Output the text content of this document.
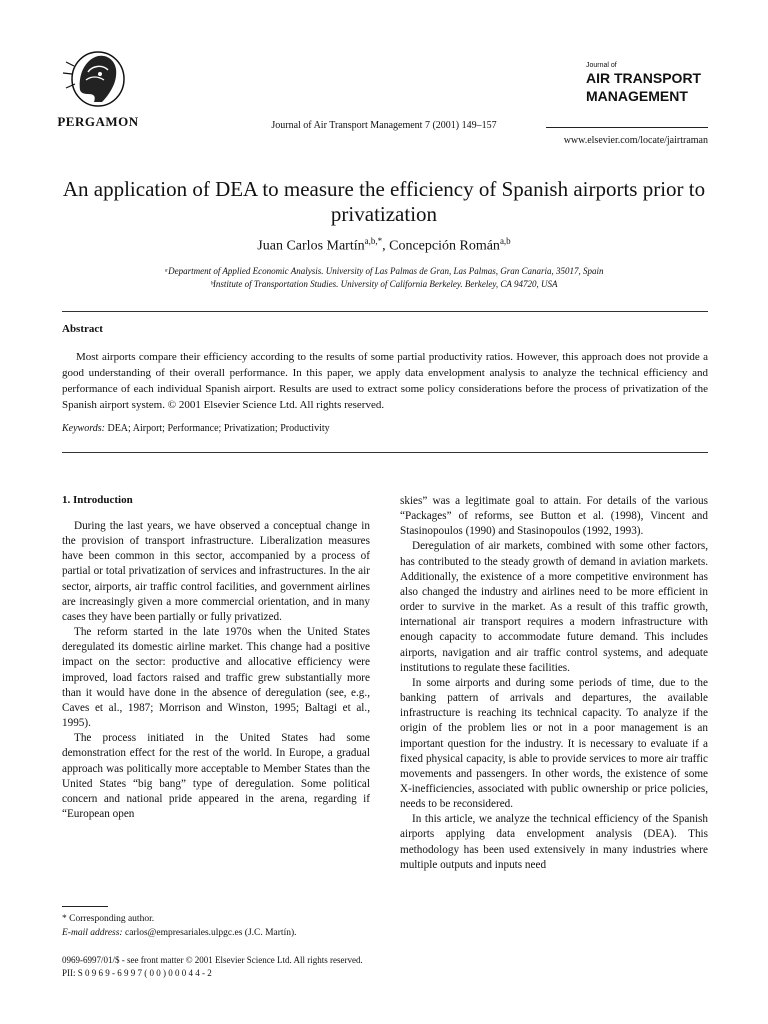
PERGAMON	Journal of Air Transport Management 7 (2001) 149–157
Journal of
AIR TRANSPORT
MANAGEMENT
www.elsevier.com/locate/jairtraman
An application of DEA to measure the efficiency of Spanish airports prior to privatization
Juan Carlos Martín$^{a,b,*}$, Concepción Román$^{a,b}$
ᵃDepartment of Applied Economic Analysis. University of Las Palmas de Gran, Las Palmas, Gran Canaria, 35017, Spain
ᵇInstitute of Transportation Studies. University of California Berkeley. Berkeley, CA 94720, USA
Abstract
Most airports compare their efficiency according to the results of some partial productivity ratios. However, this approach does not provide a good understanding of their overall performance. In this paper, we apply data envelopment analysis to analyze the technical efficiency and performance of each individual Spanish airport. Results are used to extract some policy considerations before the process of privatization of the Spanish airport system. © 2001 Elsevier Science Ltd. All rights reserved.
Keywords: DEA; Airport; Performance; Privatization; Productivity
1. Introduction

During the last years, we have observed a conceptual change in the provision of transport infrastructure. Liberalization measures have been common in this sector, accompanied by a process of partial or total privatization of services and infrastructures. In the air sector, airports, air traffic control facilities, and government airlines are increasingly given a more commercial orientation, and in many cases they have been partially or fully privatized.

The reform started in the late 1970s when the United States deregulated its domestic airline market. This change had a positive impact on the sector: productive and allocative efficiency were improved, load factors raised and traffic grew substantially more than it would have done in the absence of deregulation (see, e.g., Caves et al., 1987; Morrison and Winston, 1995; Baltagi et al., 1995).

The process initiated in the United States had some demonstration effect for the rest of the world. In Europe, a gradual approach was politically more acceptable to Member States than the United States “big bang” type of deregulation. Some political concern and national pride appeared in the arena, regarding if “European open

skies” was a legitimate goal to attain. For details of the various “Packages” of reforms, see Button et al. (1998), Vincent and Stasinopoulos (1990) and Stasinopoulos (1992, 1993).

Deregulation of air markets, combined with some other factors, has contributed to the steady growth of demand in aviation markets. Additionally, the existence of a more competitive environment has also changed the industry and airlines need to be more efficient in order to survive in the market. As a result of this traffic growth, international air transport requires a modern infrastructure with enough capacity to accommodate future demand. This includes airports, navigation and air traffic control systems, and adequate institutions to regulate these facilities.

In some airports and during some periods of time, due to the banking pattern of arrivals and departures, the available infrastructure is reaching its technical capacity. To analyze if the origin of the problem lies or not in a poor management is an important question for the industry. It is necessary to evaluate if a fixed physical capacity, is able to provide services to more air traffic movements and passengers. In other words, the existence of some X-inefficiencies, associated with public ownership or price policies, needs to be reconsidered.

In this article, we analyze the technical efficiency of the Spanish airports applying data envelopment analysis (DEA). This methodology has been used extensively in many industries where multiple outputs and inputs need

* Corresponding author.
E-mail address: carlos@empresariales.ulpgc.es (J.C. Martín).
0969-6997/01/$ - see front matter © 2001 Elsevier Science Ltd. All rights reserved.
PII: S 0 9 6 9 - 6 9 9 7 ( 0 0 ) 0 0 0 4 4 - 2
